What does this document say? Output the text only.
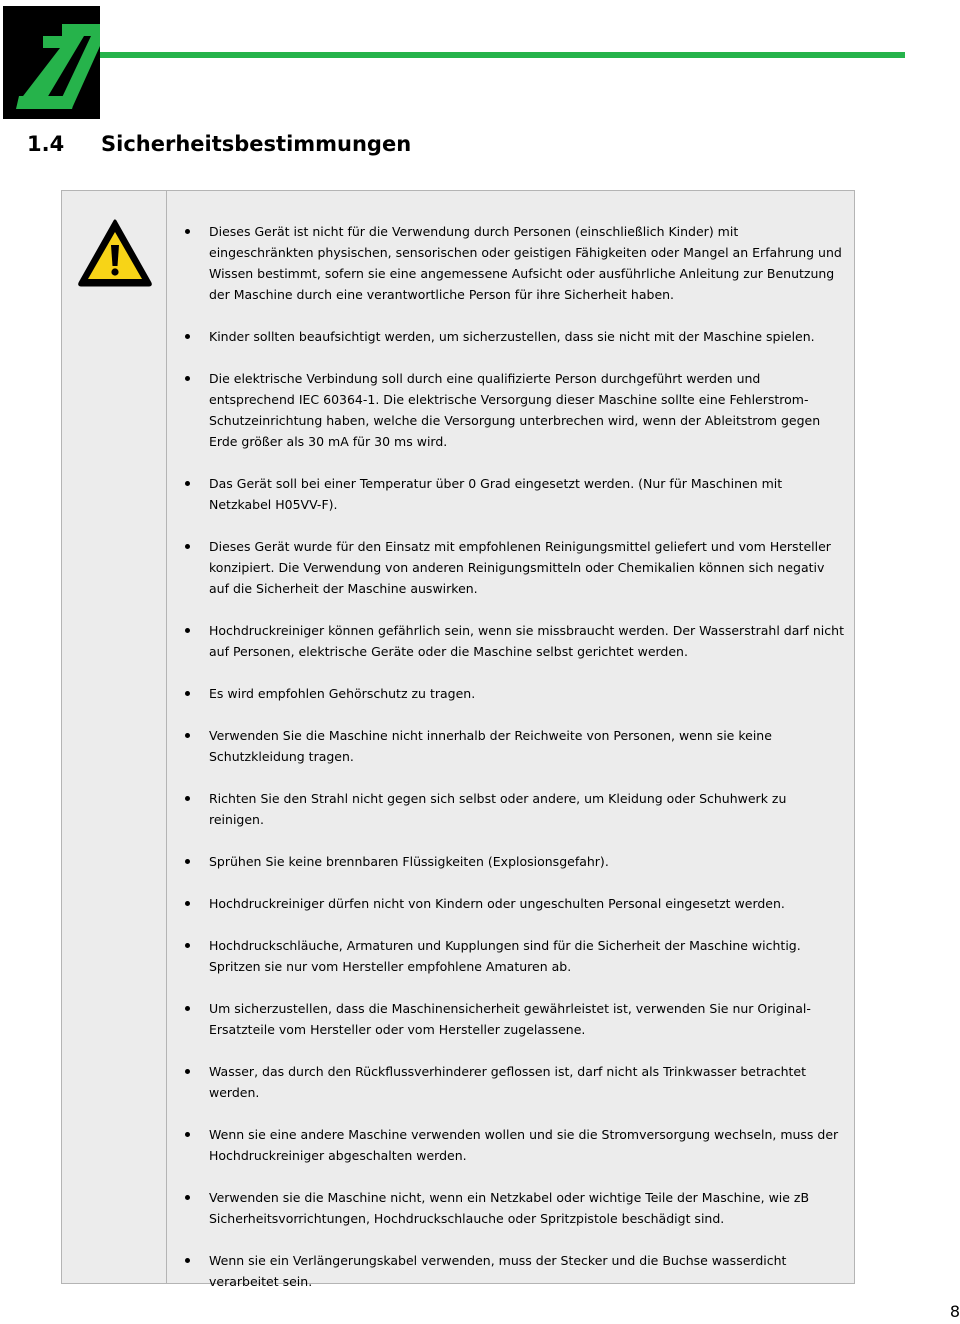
1.4 Sicherheitsbestimmungen
Dieses Gerät ist nicht für die Verwendung durch Personen (einschließlich Kinder) mit eingeschränkten physischen, sensorischen oder geistigen Fähigkeiten oder Mangel an Erfahrung und Wissen bestimmt, sofern sie eine angemessene Aufsicht oder ausführliche Anleitung zur Benutzung der Maschine durch eine verantwortliche Person für ihre Sicherheit haben.
Kinder sollten beaufsichtigt werden, um sicherzustellen, dass sie nicht mit der Maschine spielen.
Die elektrische Verbindung soll durch eine qualifizierte Person durchgeführt werden und entsprechend IEC 60364-1. Die elektrische Versorgung dieser Maschine sollte eine Fehlerstrom-Schutzeinrichtung haben, welche die Versorgung unterbrechen wird, wenn der Ableitstrom gegen Erde größer als 30 mA für 30 ms wird.
Das Gerät soll bei einer Temperatur über 0 Grad eingesetzt werden. (Nur für Maschinen mit Netzkabel H05VV-F).
Dieses Gerät wurde für den Einsatz mit empfohlenen Reinigungsmittel geliefert und vom Hersteller konzipiert. Die Verwendung von anderen Reinigungsmitteln oder Chemikalien können sich negativ auf die Sicherheit der Maschine auswirken.
Hochdruckreiniger können gefährlich sein, wenn sie missbraucht werden. Der Wasserstrahl darf nicht auf Personen, elektrische Geräte oder die Maschine selbst gerichtet werden.
Es wird empfohlen Gehörschutz zu tragen.
Verwenden Sie die Maschine nicht innerhalb der Reichweite von Personen, wenn sie keine Schutzkleidung tragen.
Richten Sie den Strahl nicht gegen sich selbst oder andere, um Kleidung oder Schuhwerk zu reinigen.
Sprühen Sie keine brennbaren Flüssigkeiten (Explosionsgefahr).
Hochdruckreiniger dürfen nicht von Kindern oder ungeschulten Personal eingesetzt werden.
Hochdruckschläuche, Armaturen und Kupplungen sind für die Sicherheit der Maschine wichtig. Spritzen sie nur vom Hersteller empfohlene Amaturen ab.
Um sicherzustellen, dass die Maschinensicherheit gewährleistet ist, verwenden Sie nur Original-Ersatzteile vom Hersteller oder vom Hersteller zugelassene.
Wasser, das durch den Rückflussverhinderer geflossen ist, darf nicht als Trinkwasser betrachtet werden.
Wenn sie eine andere Maschine verwenden wollen und sie die Stromversorgung wechseln, muss der Hochdruckreiniger abgeschalten werden.
Verwenden sie die Maschine nicht, wenn ein Netzkabel oder wichtige Teile der Maschine, wie zB Sicherheitsvorrichtungen, Hochdruckschlauche oder Spritzpistole beschädigt sind.
Wenn sie ein Verlängerungskabel verwenden, muss der Stecker und die Buchse wasserdicht verarbeitet sein.
8
